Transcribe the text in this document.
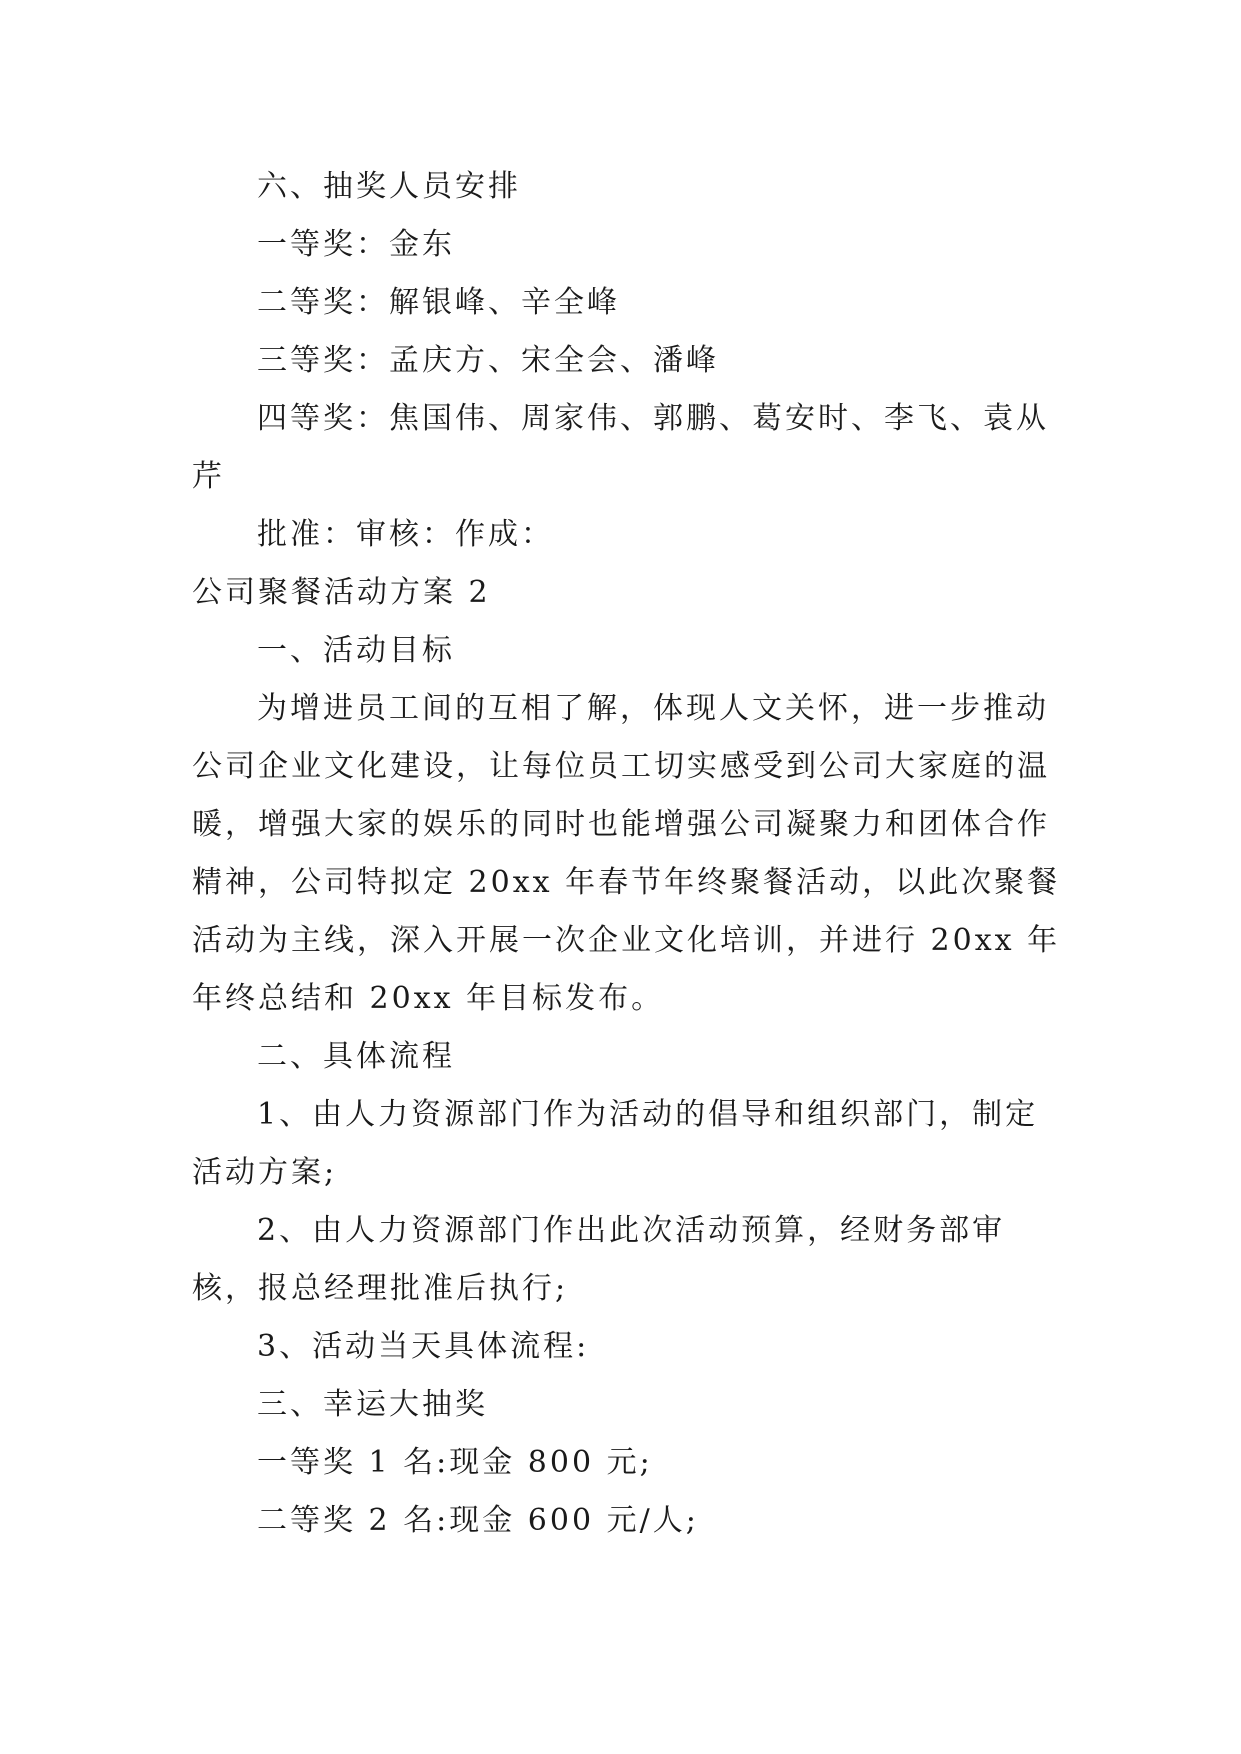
六、抽奖人员安排

一等奖：金东

二等奖：解银峰、辛全峰

三等奖：孟庆方、宋全会、潘峰

四等奖：焦国伟、周家伟、郭鹏、葛安时、李飞、袁从芹

批准：审核：作成：

公司聚餐活动方案 2

一、活动目标

为增进员工间的互相了解，体现人文关怀，进一步推动公司企业文化建设，让每位员工切实感受到公司大家庭的温暖，增强大家的娱乐的同时也能增强公司凝聚力和团体合作精神，公司特拟定 20xx 年春节年终聚餐活动，以此次聚餐活动为主线，深入开展一次企业文化培训，并进行 20xx 年年终总结和 20xx 年目标发布。

二、具体流程

1、由人力资源部门作为活动的倡导和组织部门，制定活动方案;

2、由人力资源部门作出此次活动预算，经财务部审核，报总经理批准后执行;

3、活动当天具体流程:

三、幸运大抽奖

一等奖 1 名:现金 800 元;

二等奖 2 名:现金 600 元/人;
